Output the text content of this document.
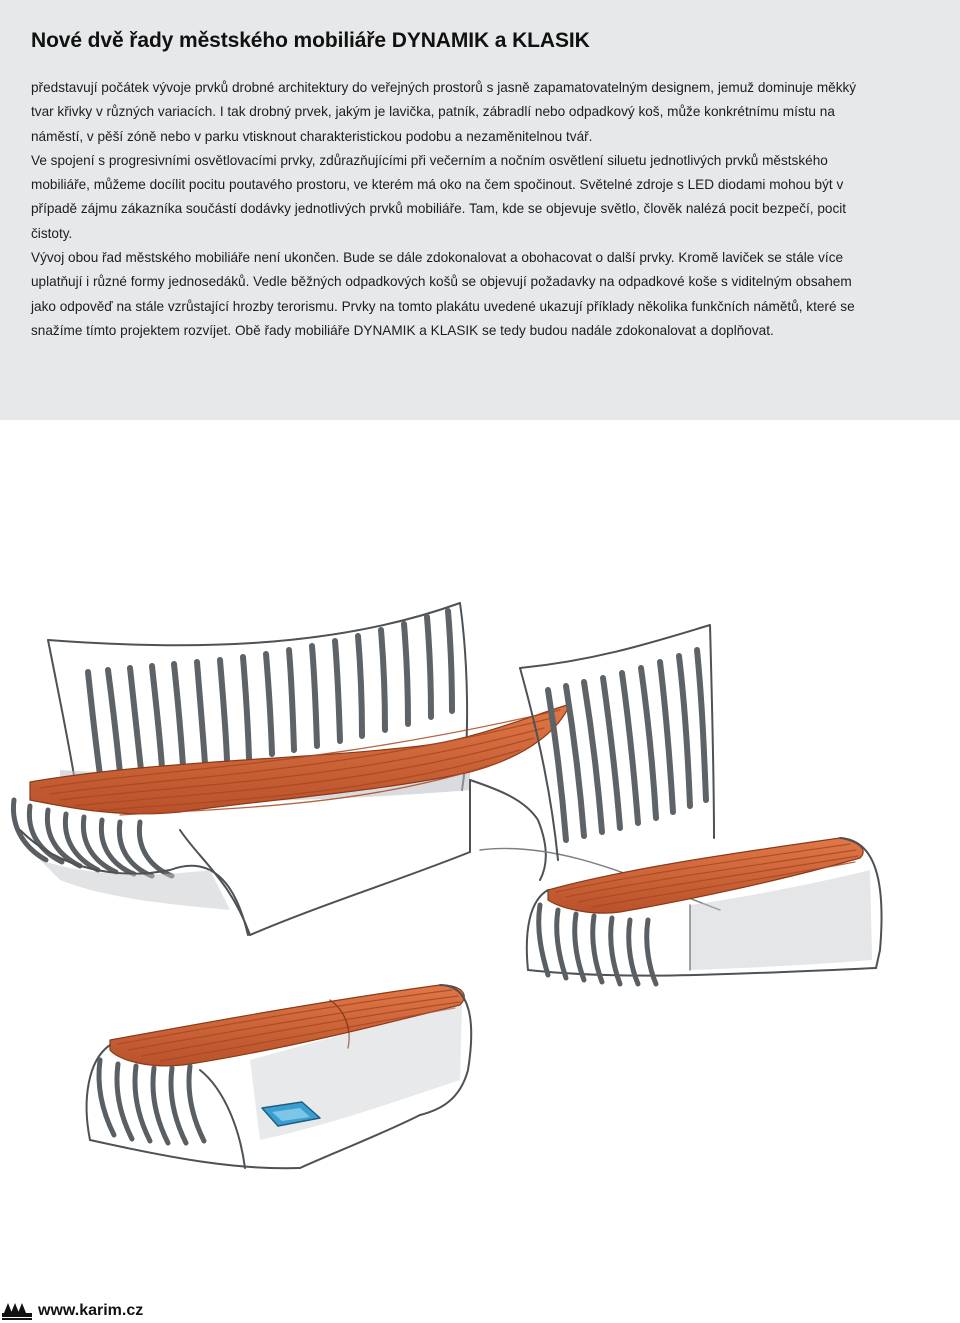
Nové dvě řady městského mobiliáře DYNAMIK a KLASIK

představují počátek vývoje prvků drobné architektury do veřejných prostorů s jasně zapamatovatelným designem, jemuž dominuje měkký tvar křivky v různých variacích. I tak drobný prvek, jakým je lavička, patník, zábradlí nebo odpadkový koš, může konkrétnímu místu na náměstí, v pěší zóně nebo v parku vtisknout charakteristickou podobu a nezaměnitelnou tvář.

Ve spojení s progresivními osvětlovacími prvky, zdůrazňujícími při večerním a nočním osvětlení siluetu jednotlivých prvků městského mobiliáře, můžeme docílit pocitu poutavého prostoru, ve kterém má oko na čem spočinout. Světelné zdroje s LED diodami mohou být v případě zájmu zákazníka součástí dodávky jednotlivých prvků mobiliáře. Tam, kde se objevuje světlo, člověk nalézá pocit bezpečí, pocit čistoty.

Vývoj obou řad městského mobiliáře není ukončen. Bude se dále zdokonalovat a obohacovat o další prvky. Kromě laviček se stále více uplatňují i různé formy jednosedáků. Vedle běžných odpadkových košů se objevují požadavky na odpadkové koše s viditelným obsahem jako odpověď na stále vzrůstající hrozby terorismu. Prvky na tomto plakátu uvedené ukazují příklady několika funkčních námětů, které se snažíme tímto projektem rozvíjet. Obě řady mobiliáře DYNAMIK a KLASIK se tedy budou nadále zdokonalovat a doplňovat.

www.karim.cz
